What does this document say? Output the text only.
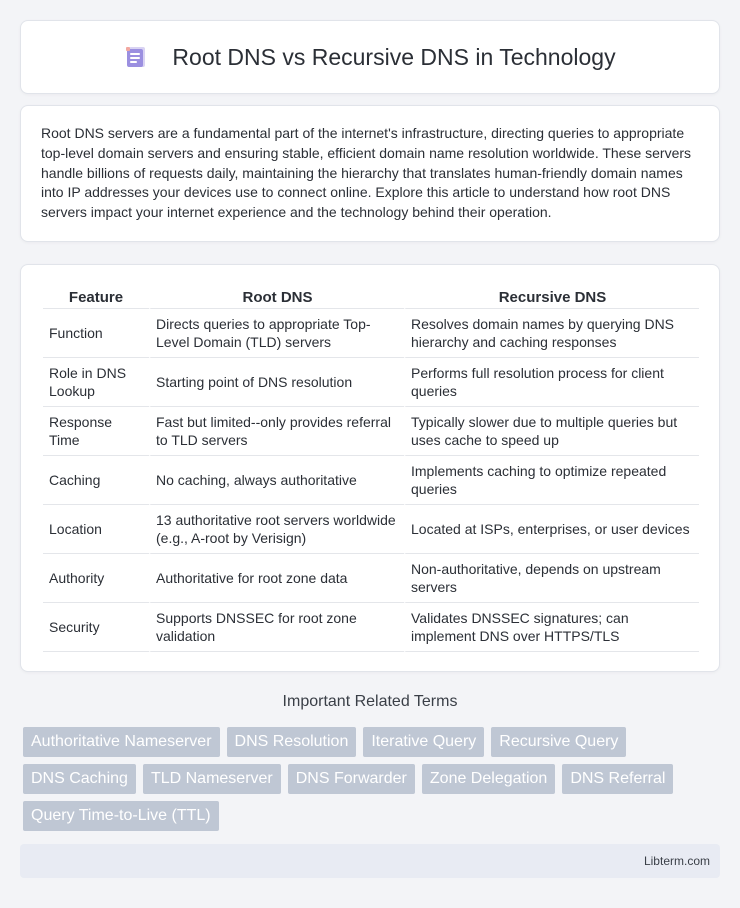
Root DNS vs Recursive DNS in Technology

Root DNS servers are a fundamental part of the internet's infrastructure, directing queries to appropriate top-level domain servers and ensuring stable, efficient domain name resolution worldwide. These servers handle billions of requests daily, maintaining the hierarchy that translates human-friendly domain names into IP addresses your devices use to connect online. Explore this article to understand how root DNS servers impact your internet experience and the technology behind their operation.

Feature	Root DNS	Recursive DNS
Function	Directs queries to appropriate Top-Level Domain (TLD) servers	Resolves domain names by querying DNS hierarchy and caching responses
Role in DNS Lookup	Starting point of DNS resolution	Performs full resolution process for client queries
Response Time	Fast but limited--only provides referral to TLD servers	Typically slower due to multiple queries but uses cache to speed up
Caching	No caching, always authoritative	Implements caching to optimize repeated queries
Location	13 authoritative root servers worldwide (e.g., A-root by Verisign)	Located at ISPs, enterprises, or user devices
Authority	Authoritative for root zone data	Non-authoritative, depends on upstream servers
Security	Supports DNSSEC for root zone validation	Validates DNSSEC signatures; can implement DNS over HTTPS/TLS
Important Related Terms
Authoritative Nameserver	DNS Resolution	Iterative Query	Recursive Query
DNS Caching	TLD Nameserver	DNS Forwarder	Zone Delegation	DNS Referral
Query Time-to-Live (TTL)
Libterm.com
